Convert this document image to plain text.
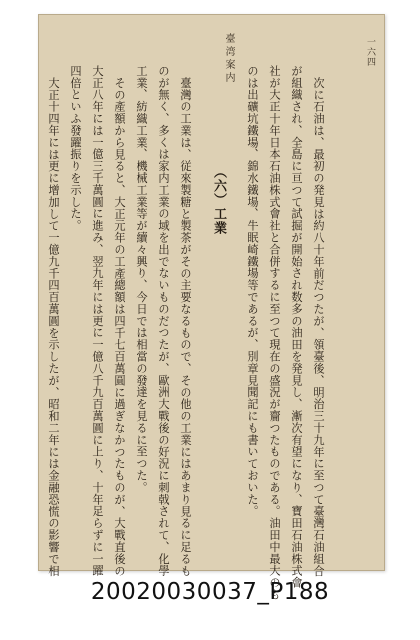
臺湾案内	一六四
次に石油は、最初の発見は約八十年前だつたが、領臺後、明治三十九年に至つて臺灣石油組合
が組織され、全島に亘つて試掘が開始され数多の油田を発見し、漸次有望になり、寶田石油株式會
社が大正十年日本石油株式會社と合併するに至つて現在の盛況が齎つたものである。油田中最大のも
のは出礦坑鐵場、錦水鐵場、牛眠崎鐵場等であるが、別章見聞記にも書いておいた。
（六）工業
臺灣の工業は、従來製糖と製茶がその主要なるもので、その他の工業にはあまり見るに足るも
のが無く、多くは家内工業の域を出でないものだつたが、歐洲大戰後の好況に刺戟されて、化學
工業、紡織工業、機械工業等が續々興り、今日では相當の發達を見るに至つた。
その產額から見ると、大正元年の工產總額は四千七百萬圓に過ぎなかつたものが、大戰直後の
大正八年には一億三千萬圓に進み、翌九年には更に一億八千九百萬圓に上り、十年足らずに一躍
四倍といふ發躍振りを示した。
大正十四年には更に增加して一億九千四百萬圓を示したが、昭和二年には金融恐慌の影響で相
20020030037_P188
